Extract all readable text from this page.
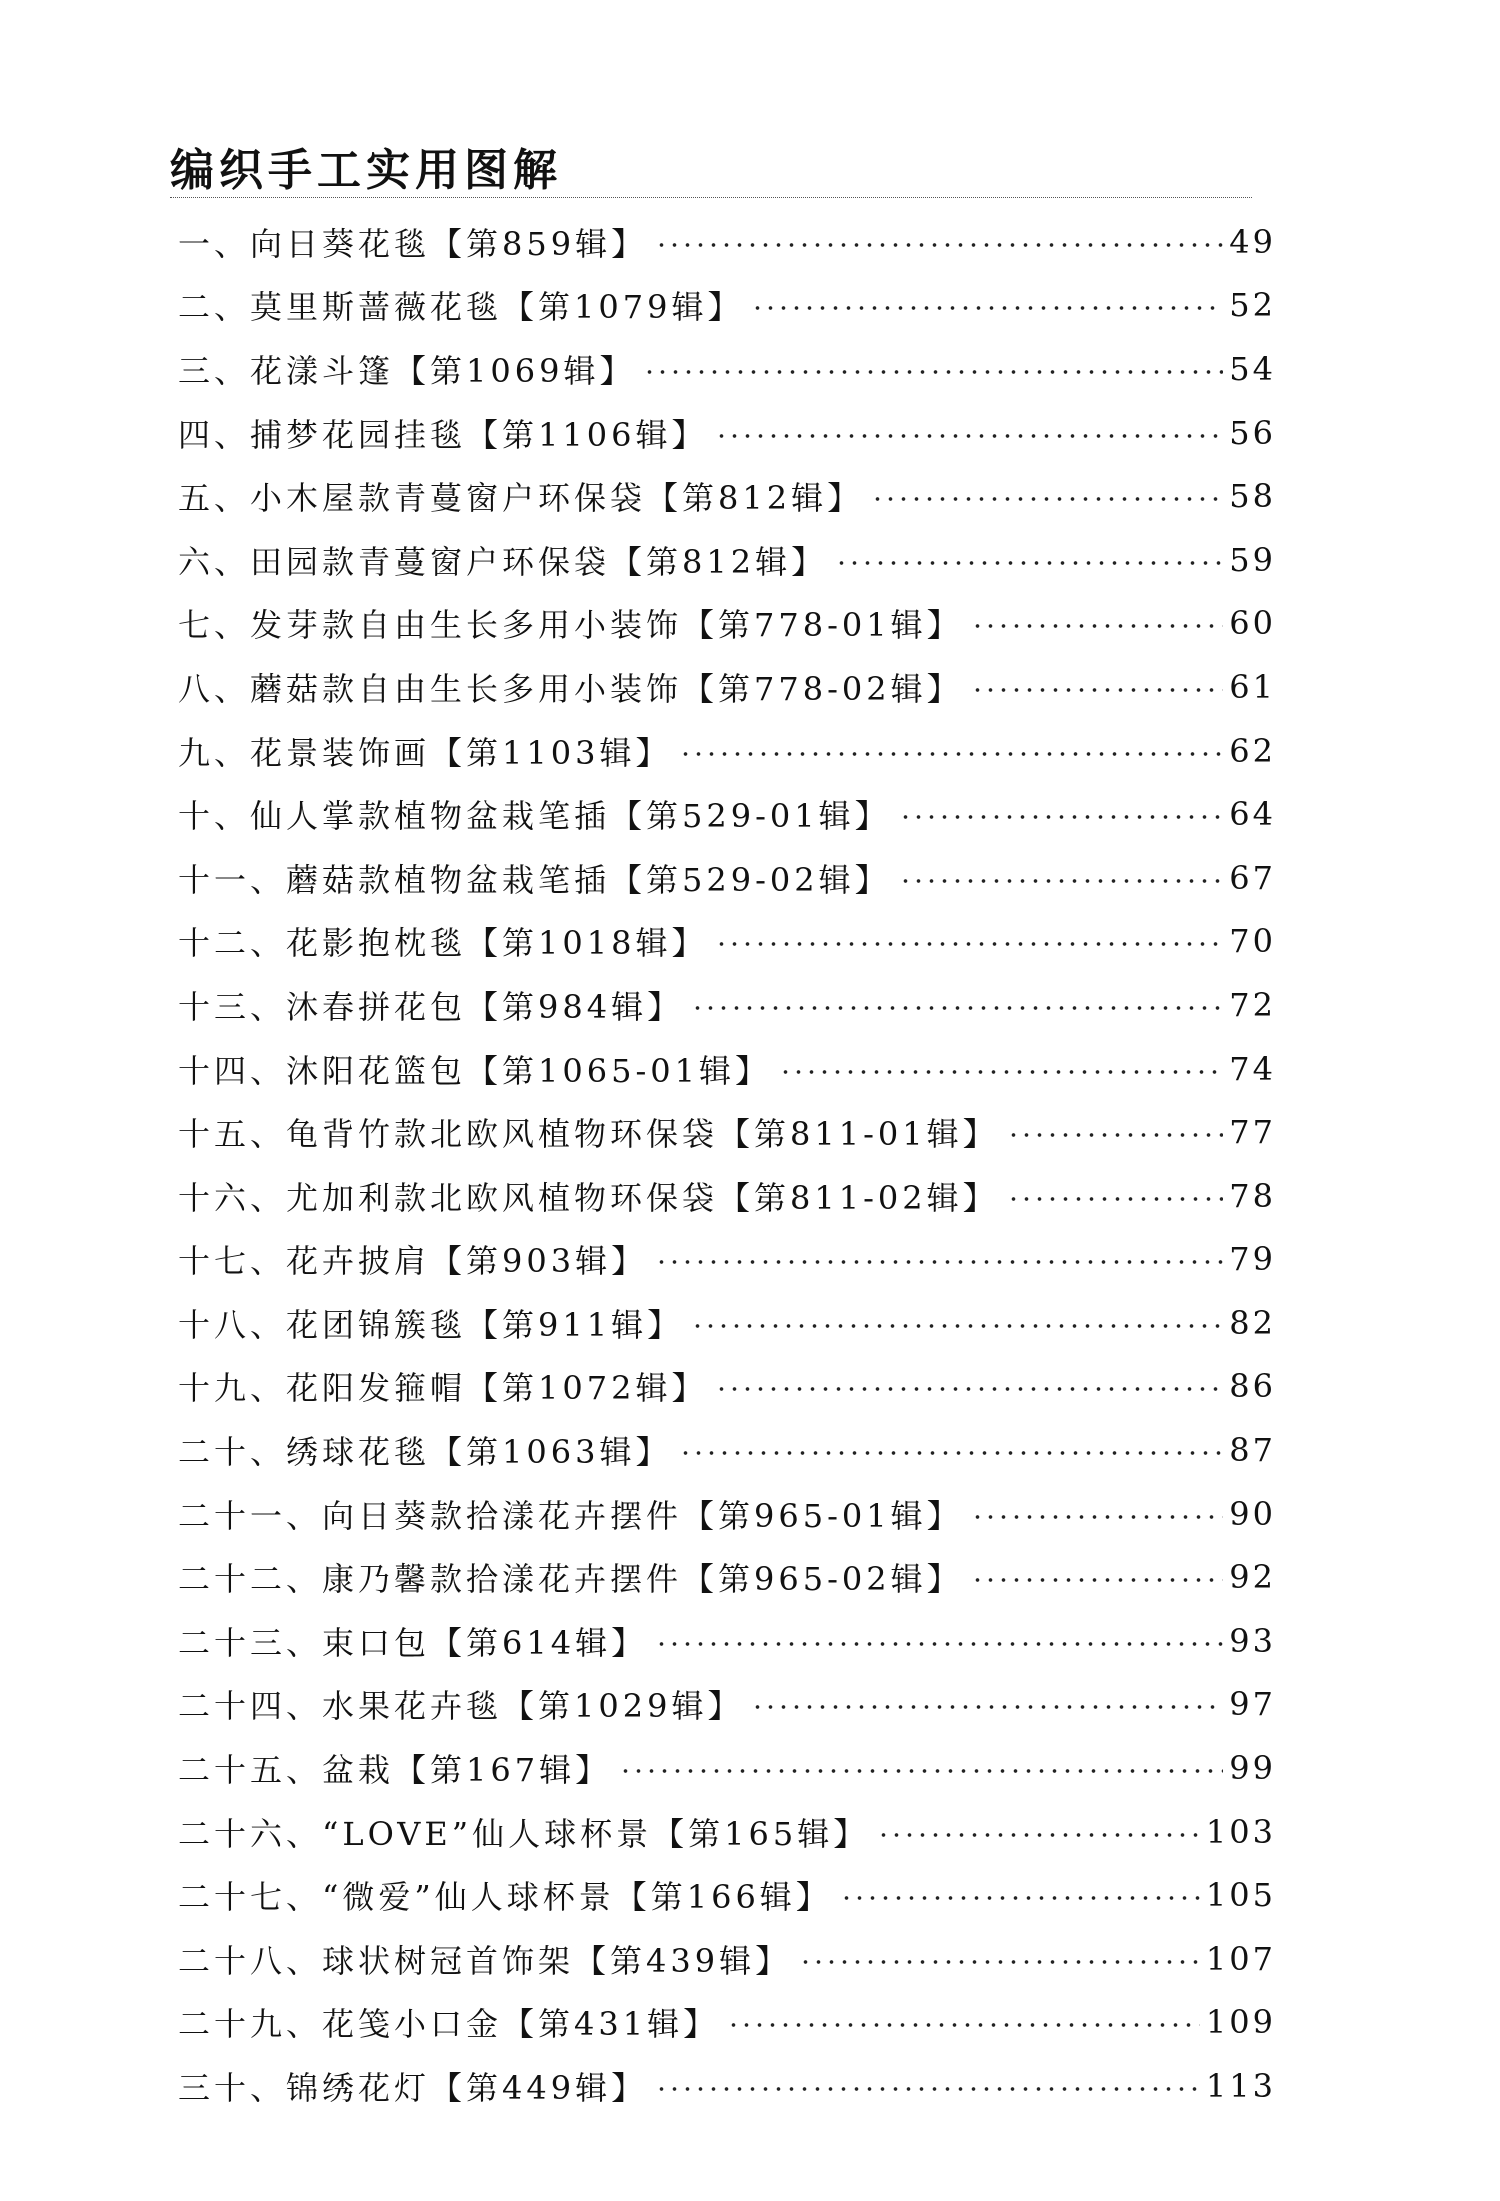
编织手工实用图解
一、向日葵花毯【第859辑】	49
二、莫里斯蔷薇花毯【第1079辑】	52
三、花漾斗篷【第1069辑】	54
四、捕梦花园挂毯【第1106辑】	56
五、小木屋款青蔓窗户环保袋【第812辑】	58
六、田园款青蔓窗户环保袋【第812辑】	59
七、发芽款自由生长多用小装饰【第778-01辑】	60
八、蘑菇款自由生长多用小装饰【第778-02辑】	61
九、花景装饰画【第1103辑】	62
十、仙人掌款植物盆栽笔插【第529-01辑】	64
十一、蘑菇款植物盆栽笔插【第529-02辑】	67
十二、花影抱枕毯【第1018辑】	70
十三、沐春拼花包【第984辑】	72
十四、沐阳花篮包【第1065-01辑】	74
十五、龟背竹款北欧风植物环保袋【第811-01辑】	77
十六、尤加利款北欧风植物环保袋【第811-02辑】	78
十七、花卉披肩【第903辑】	79
十八、花团锦簇毯【第911辑】	82
十九、花阳发箍帽【第1072辑】	86
二十、绣球花毯【第1063辑】	87
二十一、向日葵款拾漾花卉摆件【第965-01辑】	90
二十二、康乃馨款拾漾花卉摆件【第965-02辑】	92
二十三、束口包【第614辑】	93
二十四、水果花卉毯【第1029辑】	97
二十五、盆栽【第167辑】	99
二十六、“LOVE”仙人球杯景【第165辑】	103
二十七、“微爱”仙人球杯景【第166辑】	105
二十八、球状树冠首饰架【第439辑】	107
二十九、花笺小口金【第431辑】	109
三十、锦绣花灯【第449辑】	113
